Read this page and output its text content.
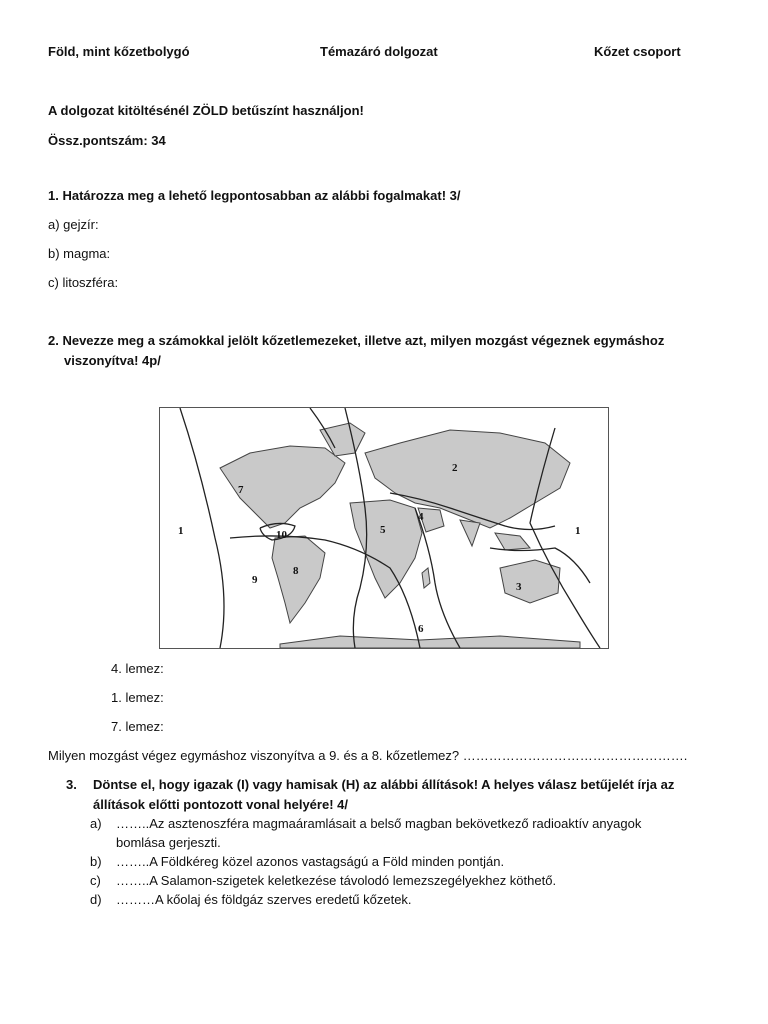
Föld, mint kőzetbolygó	Témazáró dolgozat	Kőzet csoport
A dolgozat kitöltésénél ZÖLD betűszínt használjon!
Össz.pontszám: 34
1. Határozza meg a lehető legpontosabban az alábbi fogalmakat! 3/
a) gejzír:
b) magma:
c) litoszféra:
2. Nevezze meg a számokkal jelölt kőzetlemezeket, illetve azt, milyen mozgást végeznek egymáshoz
viszonyítva! 4p/
1
2
3
4
5
6
7
8
9
10	1
4. lemez:
1. lemez:
7. lemez:
Milyen mozgást végez egymáshoz viszonyítva a 9. és a 8. kőzetlemez? …………………………………………….
3. Döntse el, hogy igazak (I) vagy hamisak (H) az alábbi állítások! A helyes válasz betűjelét írja az
állítások előtti pontozott vonal helyére! 4/
a) ……..Az asztenoszféra magmaáramlásait a belső magban bekövetkező radioaktív anyagok
bomlása gerjeszti.
b) ……..A Földkéreg közel azonos vastagságú a Föld minden pontján.
c) ……..A Salamon-szigetek keletkezése távolodó lemezszegélyekhez köthető.
d) ………A kőolaj és földgáz szerves eredetű kőzetek.
